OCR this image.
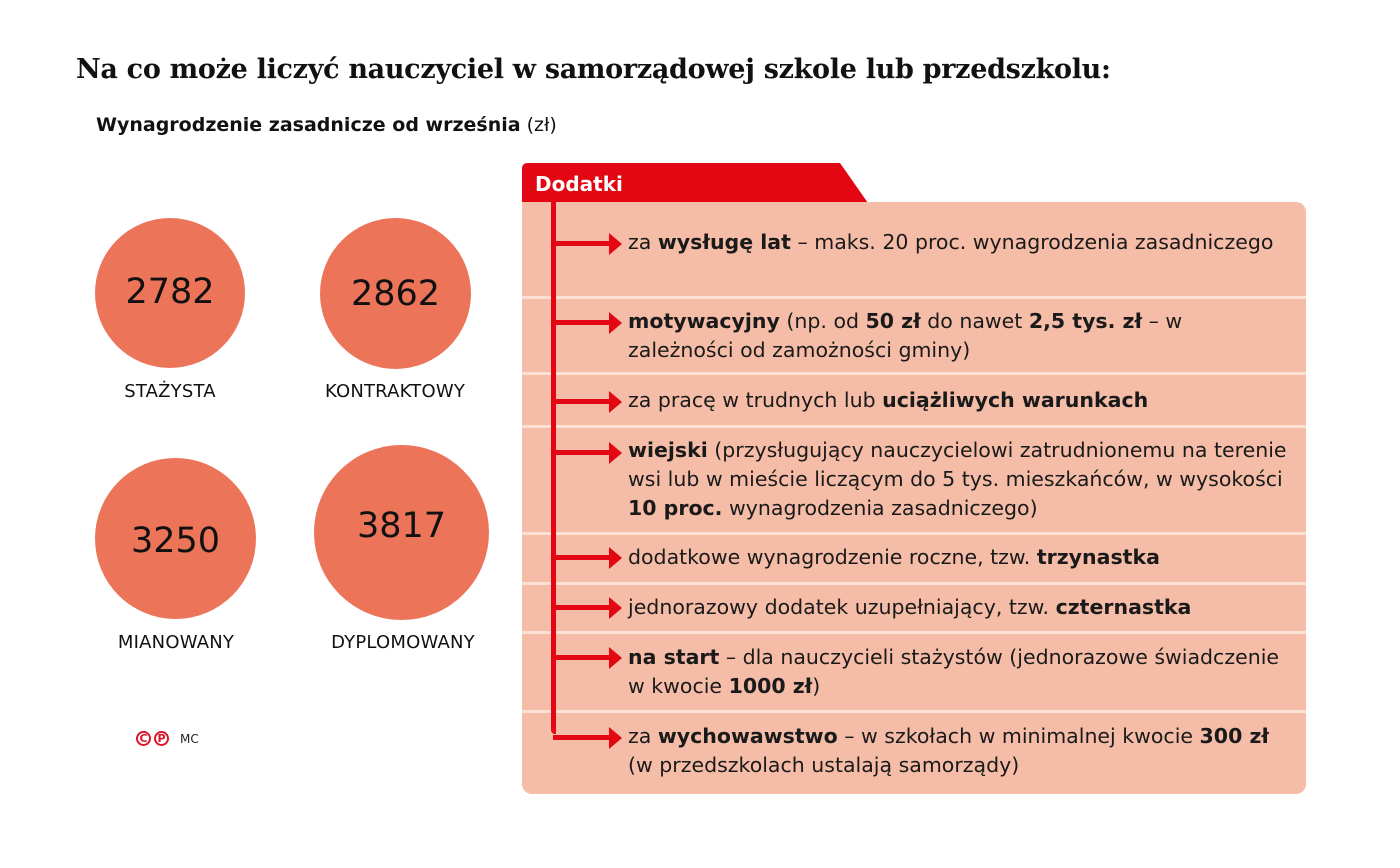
Na co może liczyć nauczyciel w samorządowej szkole lub przedszkolu:
Wynagrodzenie zasadnicze od września (zł)
2782
STAŻYSTA
2862
KONTRAKTOWY
3250
MIANOWANY
3817
DYPLOMOWANY
C P MC
Dodatki
za wysługę lat – maks. 20 proc. wynagrodzenia zasadniczego
motywacyjny (np. od 50 zł do nawet 2,5 tys. zł – w zależności od zamożności gminy)
za pracę w trudnych lub uciążliwych warunkach
wiejski (przysługujący nauczycielowi zatrudnionemu na terenie wsi lub w mieście liczącym do 5 tys. mieszkańców, w wysokości 10 proc. wynagrodzenia zasadniczego)
dodatkowe wynagrodzenie roczne, tzw. trzynastka
jednorazowy dodatek uzupełniający, tzw. czternastka
na start – dla nauczycieli stażystów (jednorazowe świadczenie w kwocie 1000 zł)
za wychowawstwo – w szkołach w minimalnej kwocie 300 zł (w przedszkolach ustalają samorządy)
